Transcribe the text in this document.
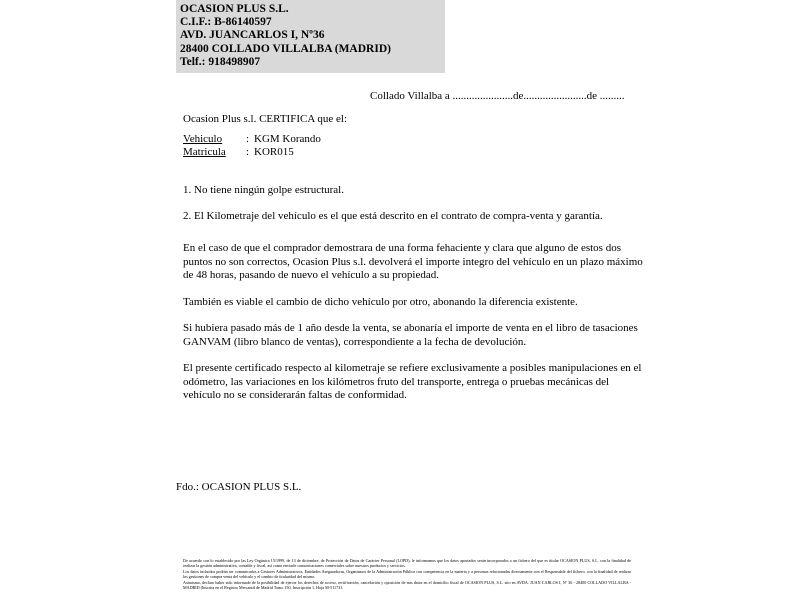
OCASION PLUS S.L.
C.I.F.: B-86140597
AVD. JUANCARLOS I, Nº36
28400 COLLADO VILLALBA (MADRID)
Telf.: 918498907
Collado Villalba a ......................de.......................de .........

Ocasion Plus s.l. CERTIFICA que el:

Vehiculo :KGM Korando

Matricula :KOR015

1. No tiene ningún golpe estructural.

2. El Kilometraje del vehículo es el que está descrito en el contrato de compra-venta y garantía.

En el caso de que el comprador demostrara de una forma fehaciente y clara que alguno de estos dos puntos no son correctos, Ocasion Plus s.l. devolverá el importe integro del vehículo en un plazo máximo de 48 horas, pasando de nuevo el vehículo a su propiedad.

También es viable el cambio de dicho vehículo por otro, abonando la diferencia existente.

Si hubiera pasado más de 1 año desde la venta, se abonaría el importe de venta en el libro de tasaciones GANVAM (libro blanco de ventas), correspondiente a la fecha de devolución.

El presente certificado respecto al kilometraje se refiere exclusivamente a posibles manipulaciones en el odómetro, las variaciones en los kilómetros fruto del transporte, entrega o pruebas mecánicas del vehículo no se considerarán faltas de conformidad.

Fdo.: OCASION PLUS S.L.

De acuerdo con lo establecido por las Ley Orgánica 15/1999, de 13 de diciembre, de Protección de Datos de Carácter Personal (LOPD), le informamos que los datos aportados serán incorporados a un fichero del que es titular OCASION PLUS, S.L. con la finalidad de realizar la gestión administrativa, contable y fiscal, así como enviarle comunicaciones comerciales sobre nuestros productos y servicios.

Los datos incluidos podrán ser comunicados a Gestores Administrativos, Entidades Aseguradoras, Organismos de la Administración Pública con competencia en la materia y a personas relacionadas directamente con el Responsable del fichero, con la finalidad de realizar los gestiones de compra venta del vehículo y el cambio de titularidad del mismo.

Asimismo, declaro haber sido informado de la posibilidad de ejercer los derechos de acceso, rectificación, cancelación y oposición de mis datos en el domicilio fiscal de OCASION PLUS, S.L. sito en AVDA. JUAN CARLOS I, Nº 36 - 28400 COLLADO VILLALBA - MADRID (Inscrita en el Registro Mercantil de Madrid Tomo 150, Inscripción 1, Hoja M-511731.
